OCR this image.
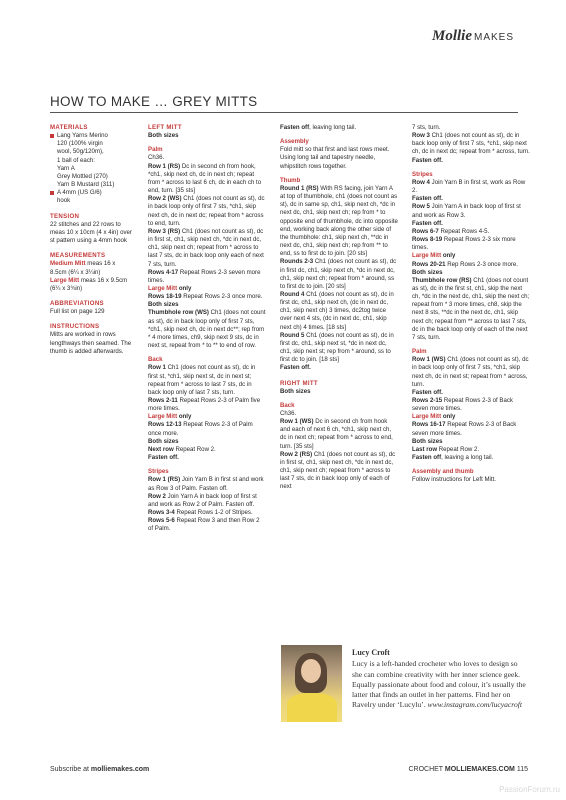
Mollie MAKES
HOW TO MAKE … GREY MITTS

MATERIALS

Lang Yarns Merino

120 (100% virgin

wool, 50g/120m),

1 ball of each:

Yarn A

Grey Mottled (270)

Yarn B Mustard (311)

A 4mm (US G/6)

hook

TENSION

22 stitches and 22 rows to meas 10 x 10cm (4 x 4in) over st pattern using a 4mm hook

MEASUREMENTS

Medium Mitt meas 16 x 8.5cm (6¼ x 3¼in)

Large Mitt meas 16 x 9.5cm (6¼ x 3¾in)

ABBREVIATIONS

Full list on page 129

INSTRUCTIONS

Mitts are worked in rows lengthways then seamed. The thumb is added afterwards.

LEFT MITT

Both sizes

Palm

Ch36.

Row 1 (RS) Dc in second ch from hook, *ch1, skip next ch, dc in next ch; repeat from * across to last 6 ch, dc in each ch to end, turn. [35 sts]

Row 2 (WS) Ch1 (does not count as st), dc in back loop only of first 7 sts, *ch1, skip next ch, dc in next dc; repeat from * across to end, turn.

Row 3 (RS) Ch1 (does not count as st), dc in first st, ch1, skip next ch, *dc in next dc, ch1, skip next ch; repeat from * across to last 7 sts, dc in back loop only each of next 7 sts, turn.

Rows 4-17 Repeat Rows 2-3 seven more times.

Large Mitt only

Rows 18-19 Repeat Rows 2-3 once more.

Both sizes

Thumbhole row (WS) Ch1 (does not count as st), dc in back loop only of first 7 sts, *ch1, skip next ch, dc in next dc**; rep from * 4 more times, ch9, skip next 9 sts, dc in next st, repeat from * to ** to end of row.

Back

Row 1 Ch1 (does not count as st), dc in first st, *ch1, skip next st, dc in next st; repeat from * across to last 7 sts, dc in back loop only of last 7 sts, turn.

Rows 2-11 Repeat Rows 2-3 of Palm five more times.

Large Mitt only

Rows 12-13 Repeat Rows 2-3 of Palm once more.

Both sizes

Next row Repeat Row 2.

Fasten off.

Stripes

Row 1 (RS) Join Yarn B in first st and work as Row 3 of Palm. Fasten off.

Row 2 Join Yarn A in back loop of first st and work as Row 2 of Palm. Fasten off.

Rows 3-4 Repeat Rows 1-2 of Stripes.

Rows 5-6 Repeat Row 3 and then Row 2 of Palm.

Fasten off, leaving long tail.

Assembly

Fold mitt so that first and last rows meet. Using long tail and tapestry needle, whipstitch rows together.

Thumb

Round 1 (RS) With RS facing, join Yarn A at top of thumbhole, ch1 (does not count as st), dc in same sp, ch1, skip next ch, *dc in next dc, ch1, skip next ch; rep from * to opposite end of thumbhole, dc into opposite end, working back along the other side of the thumbhole: ch1, skip next ch, **dc in next dc, ch1, skip next ch; rep from ** to end, ss to first dc to join. [20 sts]

Rounds 2-3 Ch1 (does not count as st), dc in first dc, ch1, skip next ch, *dc in next dc, ch1, skip next ch; repeat from * around, ss to first dc to join. [20 sts]

Round 4 Ch1 (does not count as st), dc in first dc, ch1, skip next ch, (dc in next dc, ch1, skip next ch) 3 times, dc2tog twice over next 4 sts, (dc in next dc, ch1, skip next ch) 4 times. [18 sts]

Round 5 Ch1 (does not count as st), dc in first dc, ch1, skip next st, *dc in next dc, ch1, skip next st; rep from * around, ss to first dc to join. [18 sts]

Fasten off.

RIGHT MITT

Both sizes

Back

Ch36.

Row 1 (WS) Dc in second ch from hook and each of next 6 ch, *ch1, skip next ch, dc in next ch; repeat from * across to end, turn. [35 sts]

Row 2 (RS) Ch1 (does not count as st), dc in first st, ch1, skip next ch, *dc in next dc, ch1, skip next ch; repeat from * across to last 7 sts, dc in back loop only of each of next

7 sts, turn.

Row 3 Ch1 (does not count as st), dc in back loop only of first 7 sts, *ch1, skip next ch, dc in next dc; repeat from * across, turn.

Fasten off.

Stripes

Row 4 Join Yarn B in first st, work as Row 2.

Fasten off.

Row 5 Join Yarn A in back loop of first st and work as Row 3.

Fasten off.

Rows 6-7 Repeat Rows 4-5.

Rows 8-19 Repeat Rows 2-3 six more times.

Large Mitt only

Rows 20-21 Rep Rows 2-3 once more.

Both sizes

Thumbhole row (RS) Ch1 (does not count as st), dc in the first st, ch1, skip the next ch, *dc in the next dc, ch1, skip the next ch; repeat from * 3 more times, ch8, skip the next 8 sts, **dc in the next dc, ch1, skip next ch; repeat from ** across to last 7 sts, dc in the back loop only of each of the next 7 sts, turn.

Palm

Row 1 (WS) Ch1 (does not count as st), dc in back loop only of first 7 sts, *ch1, skip next ch, dc in next st; repeat from * across, turn.

Fasten off.

Rows 2-15 Repeat Rows 2-3 of Back seven more times.

Large Mitt only

Rows 16-17 Repeat Rows 2-3 of Back seven more times.

Both sizes

Last row Repeat Row 2.

Fasten off, leaving a long tail.

Assembly and thumb

Follow instructions for Left Mitt.

Lucy Croft
Lucy is a left-handed crocheter who loves to design so she can combine creativity with her inner science geek. Equally passionate about food and colour, it’s usually the latter that finds an outlet in her patterns. Find her on Ravelry under ‘Lucylu’. www.instagram.com/lucyacroft
Subscribe at molliemakes.com	CROCHET MOLLIEMAKES.COM 115
PassionForum.ru
